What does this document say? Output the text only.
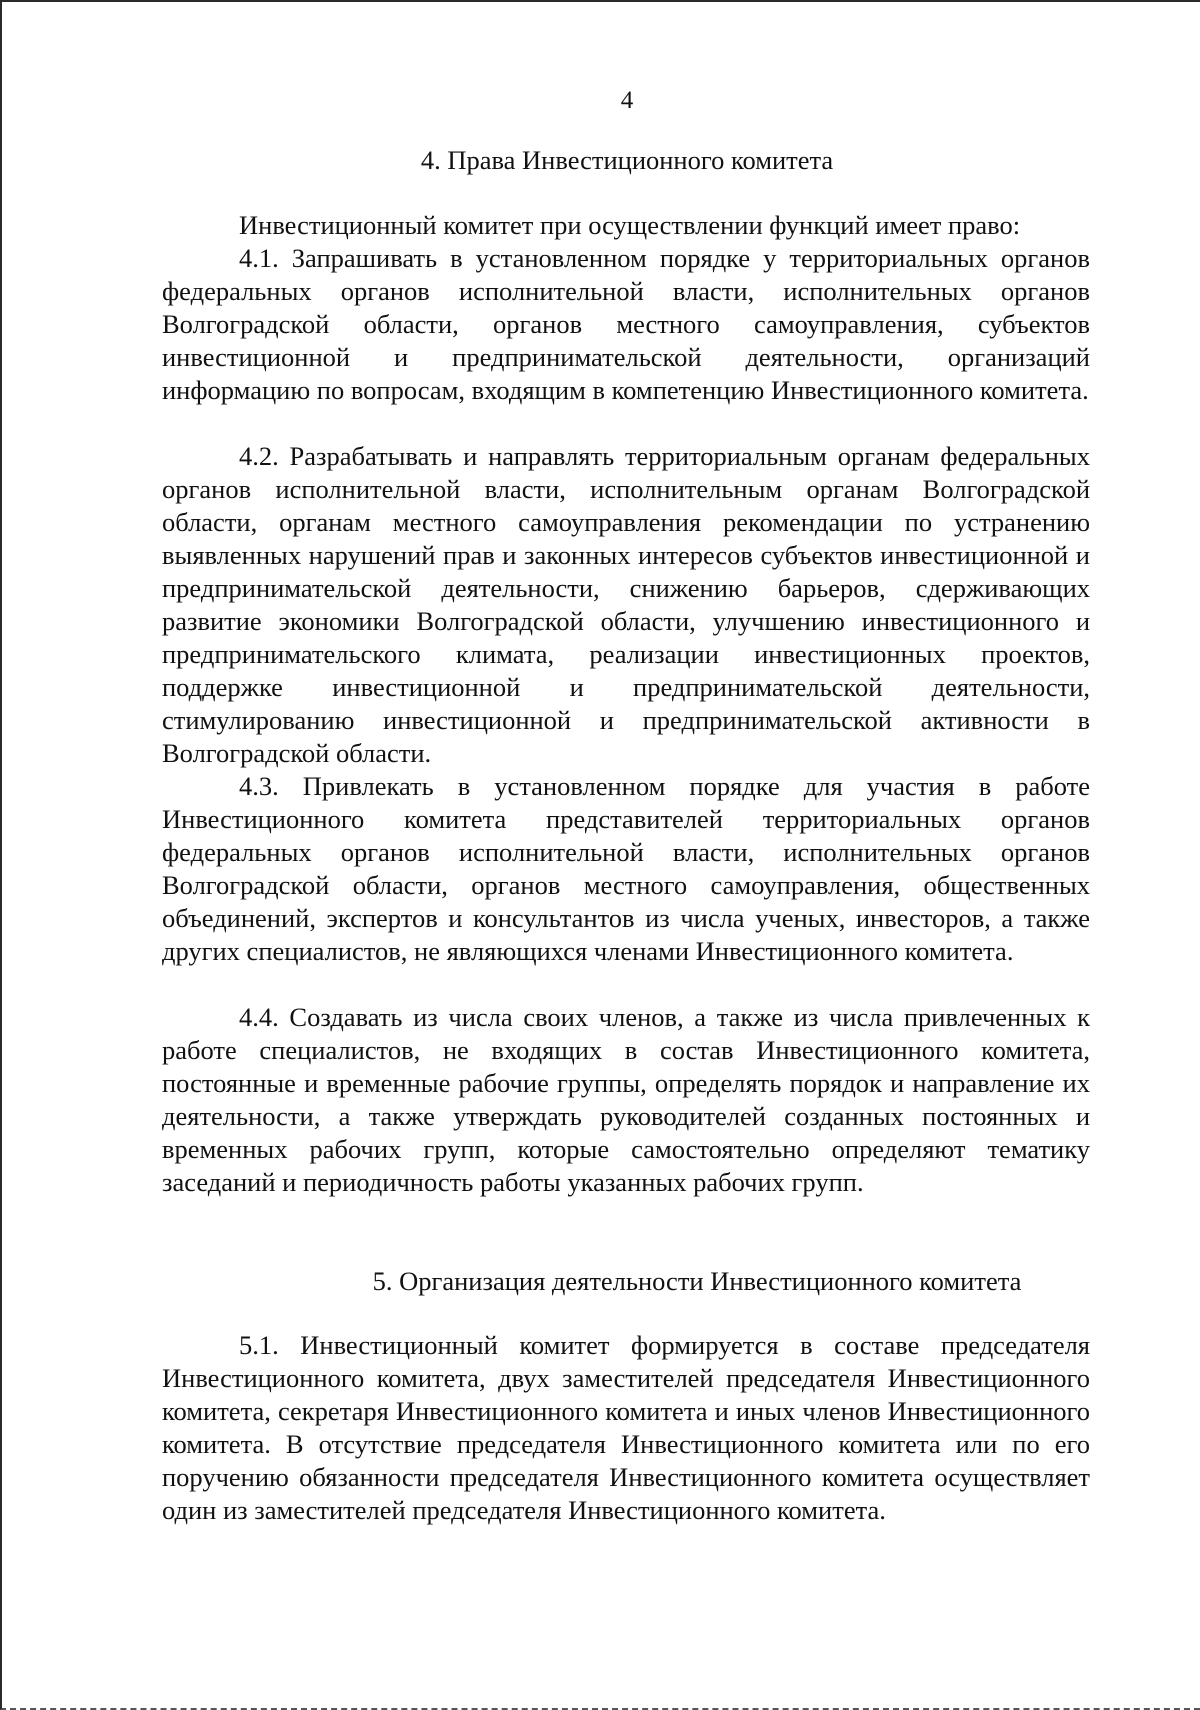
4
4. Права Инвестиционного комитета
Инвестиционный комитет при осуществлении функций имеет право:

4.1. Запрашивать в установленном порядке у территориальных органов федеральных органов исполнительной власти, исполнительных органов Волгоградской области, органов местного самоуправления, субъектов инвестиционной и предпринимательской деятельности, организаций информацию по вопросам, входящим в компетенцию Инвестиционного комитета.

4.2. Разрабатывать и направлять территориальным органам федеральных органов исполнительной власти, исполнительным органам Волгоградской области, органам местного самоуправления рекомендации по устранению выявленных нарушений прав и законных интересов субъектов инвестиционной и предпринимательской деятельности, снижению барьеров, сдерживающих развитие экономики Волгоградской области, улучшению инвестиционного и предпринимательского климата, реализации инвестиционных проектов, поддержке инвестиционной и предпринимательской деятельности, стимулированию инвестиционной и предпринимательской активности в Волгоградской области.

4.3. Привлекать в установленном порядке для участия в работе Инвестиционного комитета представителей территориальных органов федеральных органов исполнительной власти, исполнительных органов Волгоградской области, органов местного самоуправления, общественных объединений, экспертов и консультантов из числа ученых, инвесторов, а также других специалистов, не являющихся членами Инвестиционного комитета.

4.4. Создавать из числа своих членов, а также из числа привлеченных к работе специалистов, не входящих в состав Инвестиционного комитета, постоянные и временные рабочие группы, определять порядок и направление их деятельности, а также утверждать руководителей созданных постоянных и временных рабочих групп, которые самостоятельно определяют тематику заседаний и периодичность работы указанных рабочих групп.

5. Организация деятельности Инвестиционного комитета

5.1. Инвестиционный комитет формируется в составе председателя Инвестиционного комитета, двух заместителей председателя Инвестиционного комитета, секретаря Инвестиционного комитета и иных членов Инвестиционного комитета. В отсутствие председателя Инвестиционного комитета или по его поручению обязанности председателя Инвестиционного комитета осуществляет один из заместителей председателя Инвестиционного комитета.
